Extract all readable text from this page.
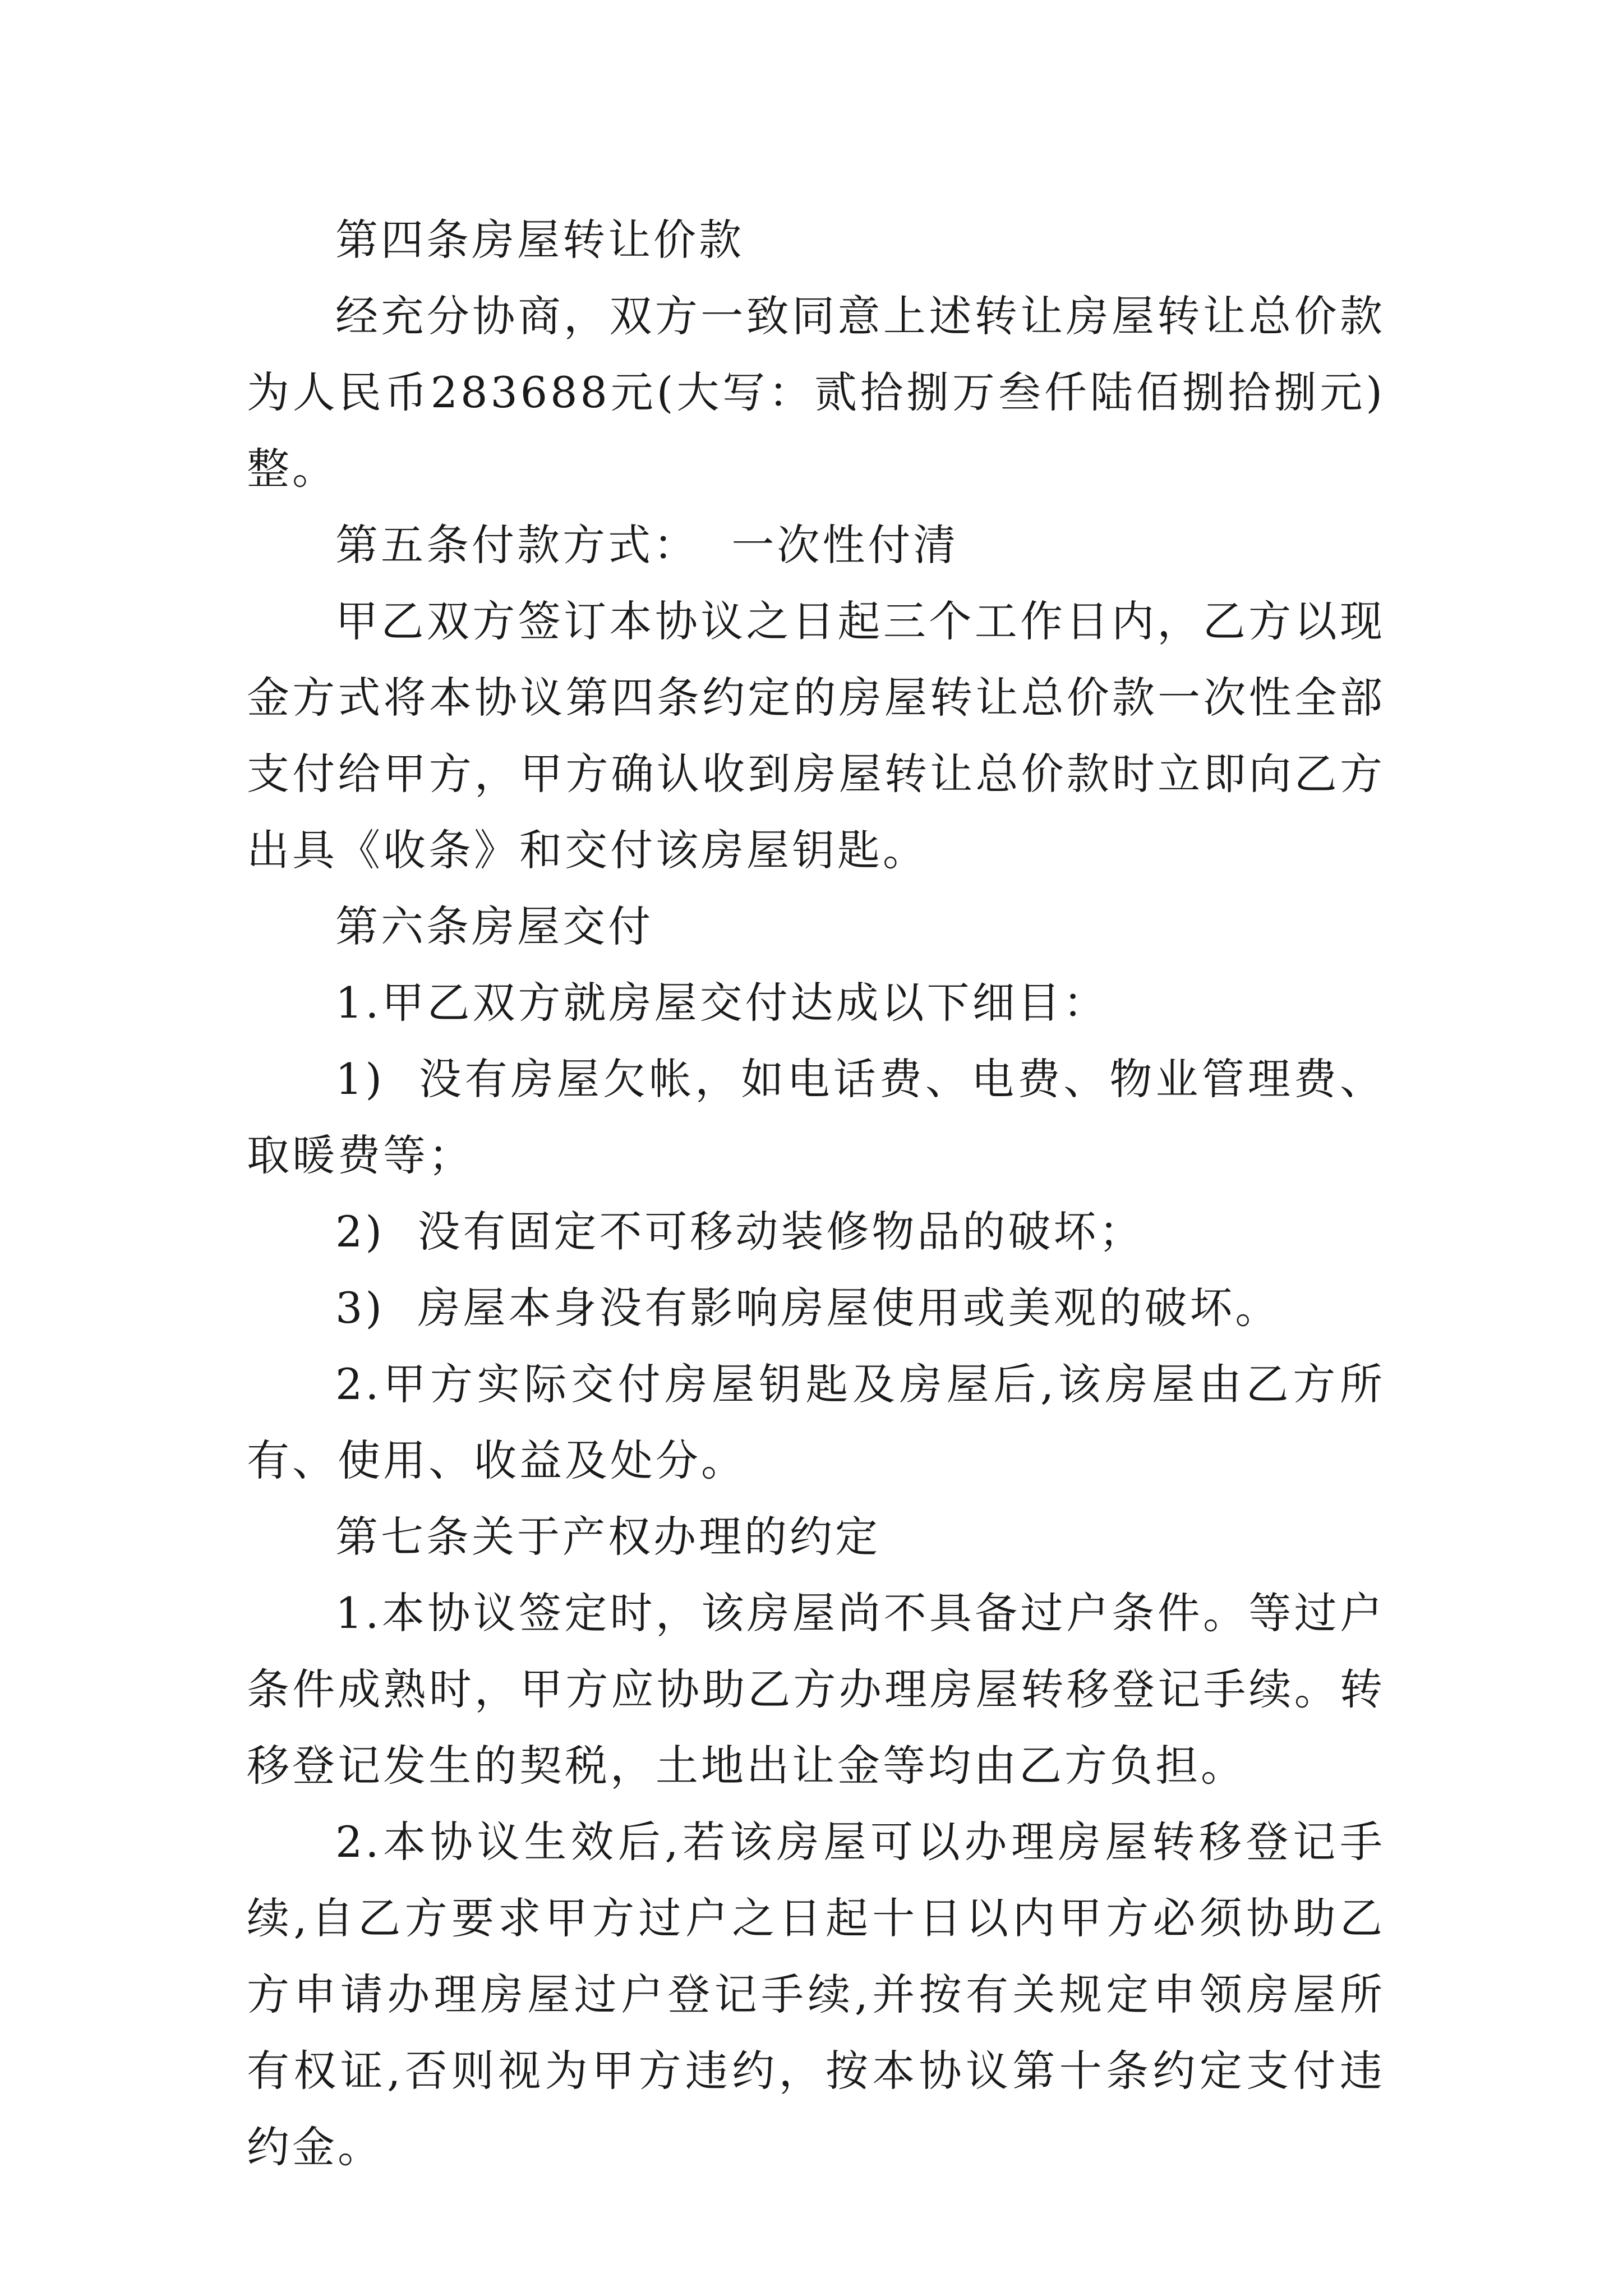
第四条房屋转让价款

经充分协商，双方一致同意上述转让房屋转让总价款为人民币283688元(大写：贰拾捌万叁仟陆佰捌拾捌元)整。

第五条付款方式：  一次性付清

甲乙双方签订本协议之日起三个工作日内，乙方以现金方式将本协议第四条约定的房屋转让总价款一次性全部支付给甲方，甲方确认收到房屋转让总价款时立即向乙方出具《收条》和交付该房屋钥匙。

第六条房屋交付

1.甲乙双方就房屋交付达成以下细目：

1)  没有房屋欠帐，如电话费、电费、物业管理费、取暖费等；

2)  没有固定不可移动装修物品的破坏；

3)  房屋本身没有影响房屋使用或美观的破坏。

2.甲方实际交付房屋钥匙及房屋后,该房屋由乙方所有、使用、收益及处分。

第七条关于产权办理的约定

1.本协议签定时，该房屋尚不具备过户条件。等过户条件成熟时，甲方应协助乙方办理房屋转移登记手续。转移登记发生的契税，土地出让金等均由乙方负担。

2.本协议生效后,若该房屋可以办理房屋转移登记手续,自乙方要求甲方过户之日起十日以内甲方必须协助乙方申请办理房屋过户登记手续,并按有关规定申领房屋所有权证,否则视为甲方违约，按本协议第十条约定支付违约金。
